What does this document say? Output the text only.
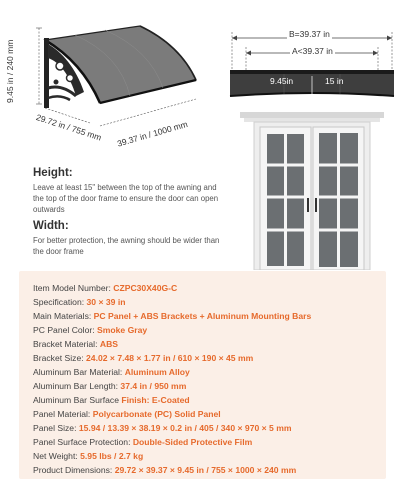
9.45 in / 240 mm
29.72 in / 755 mm 39.37 in / 1000 mm
B=39.37 in
A<39.37 in
9.45in	15 in
Height:
Leave at least 15" between the top of the awning and the top of the door frame to ensure the door can open outwards
Width:
For better protection, the awning should be wider than the door frame
Item Model Number: CZPC30X40G-C
Specification: 30 × 39 in
Main Materials: PC Panel + ABS Brackets + Aluminum Mounting Bars
PC Panel Color: Smoke Gray
Bracket Material: ABS
Bracket Size: 24.02 × 7.48 × 1.77 in / 610 × 190 × 45 mm
Aluminum Bar Material: Aluminum Alloy
Aluminum Bar Length: 37.4 in / 950 mm
Aluminum Bar Surface Finish: E-Coated
Panel Material: Polycarbonate (PC) Solid Panel
Panel Size: 15.94 / 13.39 × 38.19 × 0.2 in / 405 / 340 × 970 × 5 mm
Panel Surface Protection: Double-Sided Protective Film
Net Weight: 5.95 lbs / 2.7 kg
Product Dimensions: 29.72 × 39.37 × 9.45 in / 755 × 1000 × 240 mm
